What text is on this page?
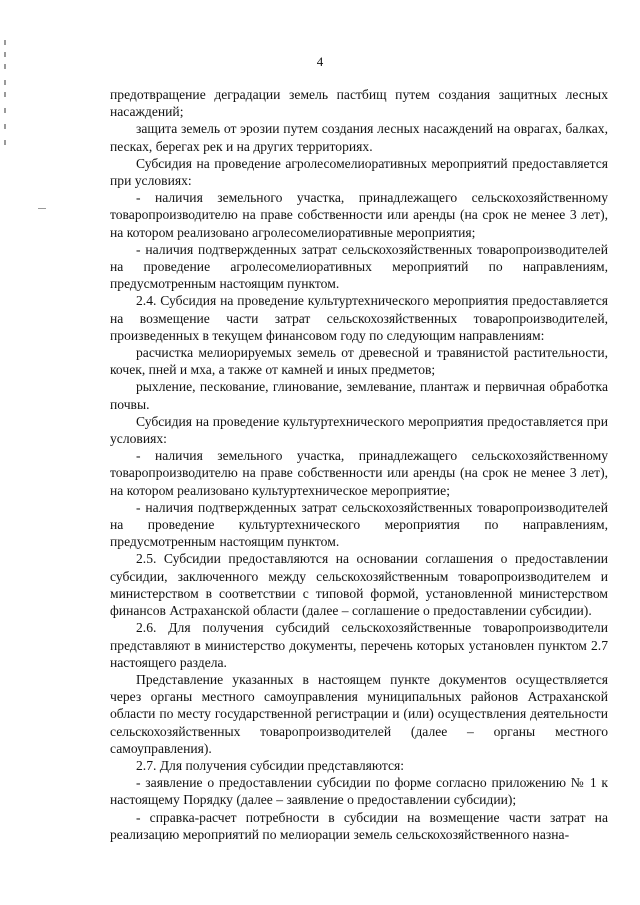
4

предотвращение деградации земель пастбищ путем создания защитных лесных насаждений;

защита земель от эрозии путем создания лесных насаждений на оврагах, балках, песках, берегах рек и на других территориях.

Субсидия на проведение агролесомелиоративных мероприятий предоставляется при условиях:

- наличия земельного участка, принадлежащего сельскохозяйственному товаропроизводителю на праве собственности или аренды (на срок не менее 3 лет), на котором реализовано агролесомелиоративные мероприятия;

- наличия подтвержденных затрат сельскохозяйственных товаропроизводителей на проведение агролесомелиоративных мероприятий по направлениям, предусмотренным настоящим пунктом.

2.4. Субсидия на проведение культуртехнического мероприятия предоставляется на возмещение части затрат сельскохозяйственных товаропроизводителей, произведенных в текущем финансовом году по следующим направлениям:

расчистка мелиорируемых земель от древесной и травянистой растительности, кочек, пней и мха, а также от камней и иных предметов;

рыхление, пескование, глинование, землевание, плантаж и первичная обработка почвы.

Субсидия на проведение культуртехнического мероприятия предоставляется при условиях:

- наличия земельного участка, принадлежащего сельскохозяйственному товаропроизводителю на праве собственности или аренды (на срок не менее 3 лет), на котором реализовано культуртехническое мероприятие;

- наличия подтвержденных затрат сельскохозяйственных товаропроизводителей на проведение культуртехнического мероприятия по направлениям, предусмотренным настоящим пунктом.

2.5. Субсидии предоставляются на основании соглашения о предоставлении субсидии, заключенного между сельскохозяйственным товаропроизводителем и министерством в соответствии с типовой формой, установленной министерством финансов Астраханской области (далее – соглашение о предоставлении субсидии).

2.6. Для получения субсидий сельскохозяйственные товаропроизводители представляют в министерство документы, перечень которых установлен пунктом 2.7 настоящего раздела.

Представление указанных в настоящем пункте документов осуществляется через органы местного самоуправления муниципальных районов Астраханской области по месту государственной регистрации и (или) осуществления деятельности сельскохозяйственных товаропроизводителей (далее – органы местного самоуправления).

2.7. Для получения субсидии представляются:

- заявление о предоставлении субсидии по форме согласно приложению № 1 к настоящему Порядку (далее – заявление о предоставлении субсидии);

- справка-расчет потребности в субсидии на возмещение части затрат на реализацию мероприятий по мелиорации земель сельскохозяйственного назна-
